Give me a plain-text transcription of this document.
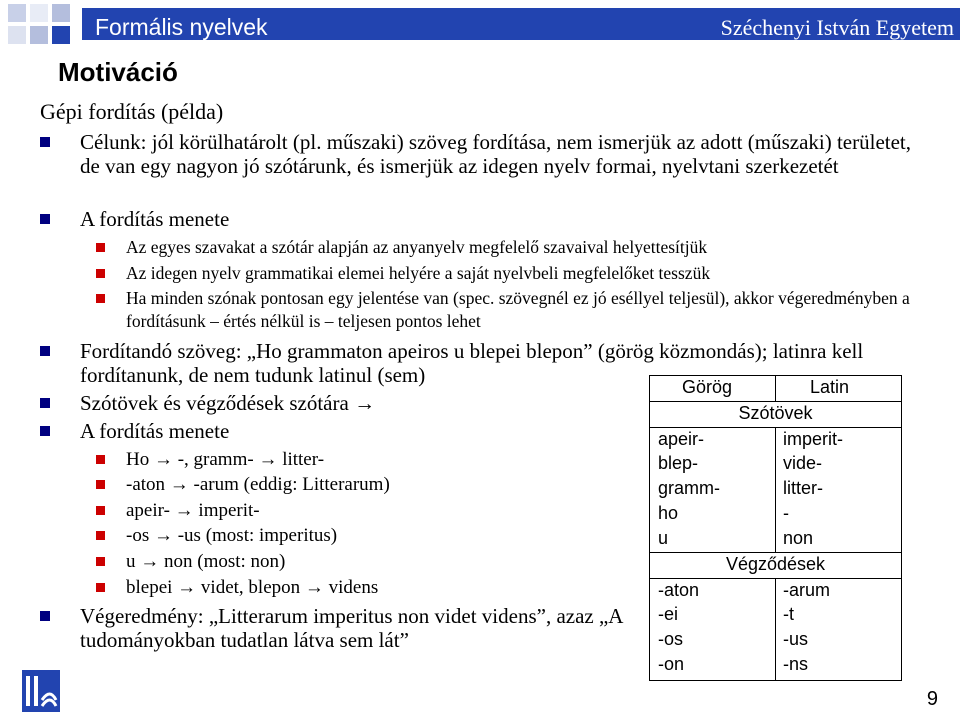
Formális nyelvek	Széchenyi István Egyetem
Motiváció
Gépi fordítás (példa)
Célunk: jól körülhatárolt (pl. műszaki) szöveg fordítása, nem ismerjük az adott (műszaki) területet, de van egy nagyon jó szótárunk, és ismerjük az idegen nyelv formai, nyelvtani szerkezetét
A fordítás menete
Az egyes szavakat a szótár alapján az anyanyelv megfelelő szavaival helyettesítjük
Az idegen nyelv grammatikai elemei helyére a saját nyelvbeli megfelelőket tesszük
Ha minden szónak pontosan egy jelentése van (spec. szövegnél ez jó eséllyel teljesül), akkor végeredményben a fordításunk – értés nélkül is – teljesen pontos lehet
Fordítandó szöveg: „Ho grammaton apeiros u blepei blepon” (görög közmondás); latinra kell fordítanunk, de nem tudunk latinul (sem)
Szótövek és végződések szótára →
A fordítás menete
Ho → -, gramm- → litter-
-aton → -arum (eddig: Litterarum)
apeir- → imperit-
-os → -us (most: imperitus)
u → non (most: non)
blepei → videt, blepon → videns
Végeredmény: „Litterarum imperitus non videt videns”, azaz „A tudományokban tudatlan látva sem lát”
Görög	Latin
Szótövek
apeir-	imperit-
blep-	vide-
gramm-	litter-
ho	-
u	non
Végződések
-aton	-arum
-ei	-t
-os	-us
-on	-ns
9
